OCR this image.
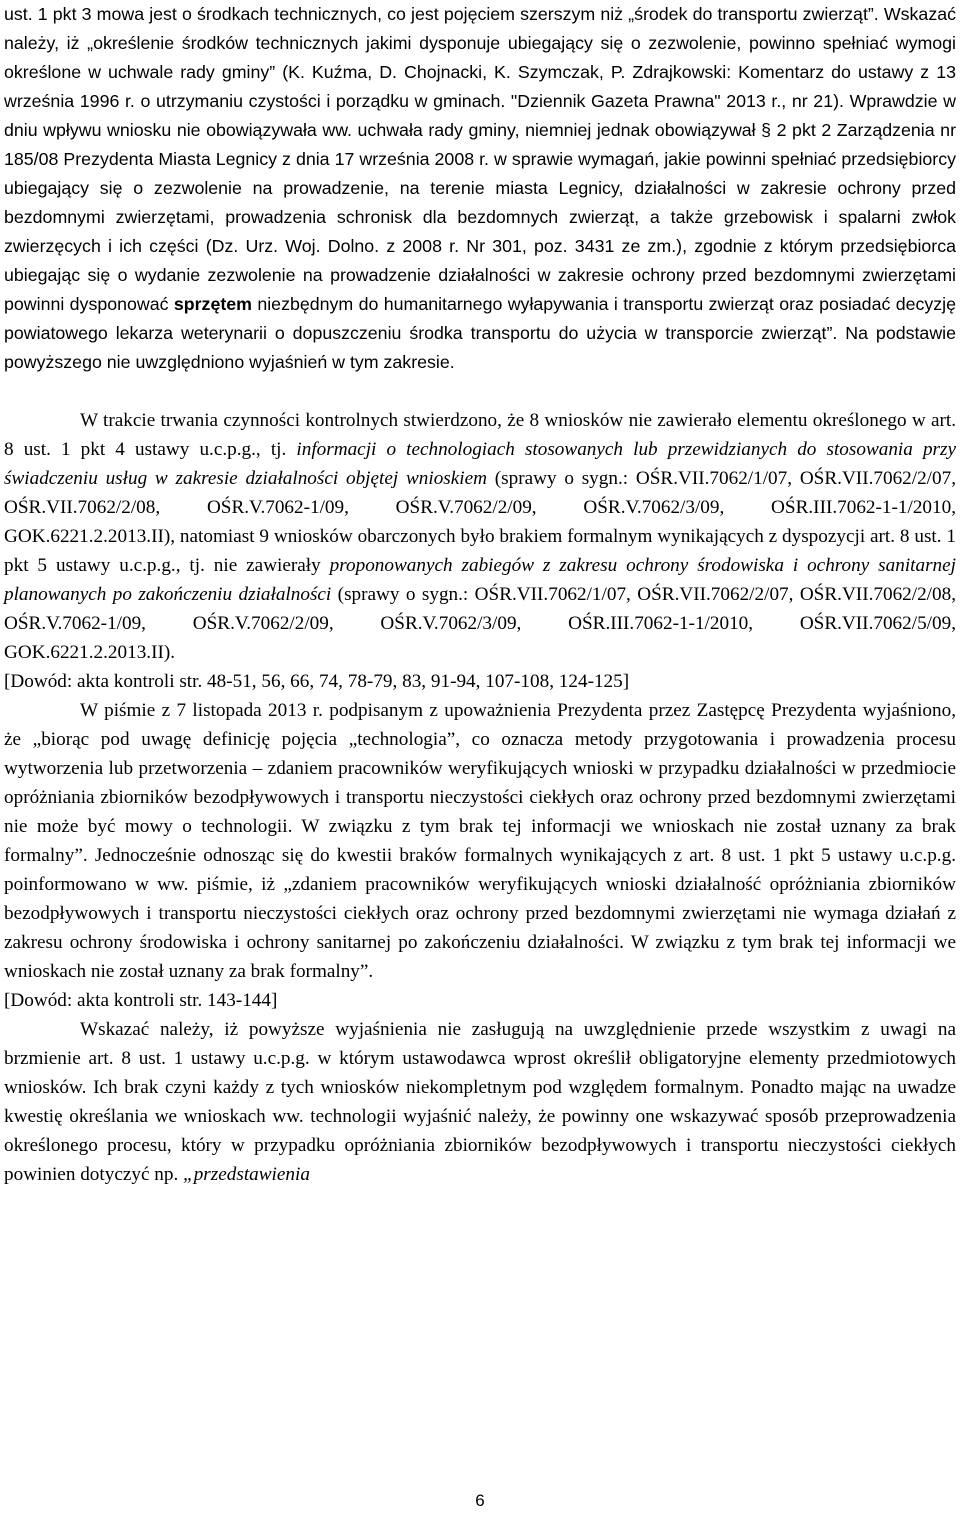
ust. 1 pkt 3 mowa jest o środkach technicznych, co jest pojęciem szerszym niż „środek do transportu zwierząt”. Wskazać należy, iż „określenie środków technicznych jakimi dysponuje ubiegający się o zezwolenie, powinno spełniać wymogi określone w uchwale rady gminy” (K. Kuźma, D. Chojnacki, K. Szymczak, P. Zdrajkowski: Komentarz do ustawy z 13 września 1996 r. o utrzymaniu czystości i porządku w gminach. "Dziennik Gazeta Prawna" 2013 r., nr 21). Wprawdzie w dniu wpływu wniosku nie obowiązywała ww. uchwała rady gminy, niemniej jednak obowiązywał § 2 pkt 2 Zarządzenia nr 185/08 Prezydenta Miasta Legnicy z dnia 17 września 2008 r. w sprawie wymagań, jakie powinni spełniać przedsiębiorcy ubiegający się o zezwolenie na prowadzenie, na terenie miasta Legnicy, działalności w zakresie ochrony przed bezdomnymi zwierzętami, prowadzenia schronisk dla bezdomnych zwierząt, a także grzebowisk i spalarni zwłok zwierzęcych i ich części (Dz. Urz. Woj. Dolno. z 2008 r. Nr 301, poz. 3431 ze zm.), zgodnie z którym przedsiębiorca ubiegając się o wydanie zezwolenie na prowadzenie działalności w zakresie ochrony przed bezdomnymi zwierzętami powinni dysponować sprzętem niezbędnym do humanitarnego wyłapywania i transportu zwierząt oraz posiadać decyzję powiatowego lekarza weterynarii o dopuszczeniu środka transportu do użycia w transporcie zwierząt”. Na podstawie powyższego nie uwzględniono wyjaśnień w tym zakresie.

W trakcie trwania czynności kontrolnych stwierdzono, że 8 wniosków nie zawierało elementu określonego w art. 8 ust. 1 pkt 4 ustawy u.c.p.g., tj. informacji o technologiach stosowanych lub przewidzianych do stosowania przy świadczeniu usług w zakresie działalności objętej wnioskiem (sprawy o sygn.: OŚR.VII.7062/1/07, OŚR.VII.7062/2/07, OŚR.VII.7062/2/08, OŚR.V.7062-1/09, OŚR.V.7062/2/09, OŚR.V.7062/3/09, OŚR.III.7062-1-1/2010, GOK.6221.2.2013.II), natomiast 9 wniosków obarczonych było brakiem formalnym wynikających z dyspozycji art. 8 ust. 1 pkt 5 ustawy u.c.p.g., tj. nie zawierały proponowanych zabiegów z zakresu ochrony środowiska i ochrony sanitarnej planowanych po zakończeniu działalności (sprawy o sygn.: OŚR.VII.7062/1/07, OŚR.VII.7062/2/07, OŚR.VII.7062/2/08, OŚR.V.7062-1/09, OŚR.V.7062/2/09, OŚR.V.7062/3/09, OŚR.III.7062-1-1/2010, OŚR.VII.7062/5/09, GOK.6221.2.2013.II).

[Dowód: akta kontroli str. 48-51, 56, 66, 74, 78-79, 83, 91-94, 107-108, 124-125]

W piśmie z 7 listopada 2013 r. podpisanym z upoważnienia Prezydenta przez Zastępcę Prezydenta wyjaśniono, że „biorąc pod uwagę definicję pojęcia „technologia”, co oznacza metody przygotowania i prowadzenia procesu wytworzenia lub przetworzenia – zdaniem pracowników weryfikujących wnioski w przypadku działalności w przedmiocie opróżniania zbiorników bezodpływowych i transportu nieczystości ciekłych oraz ochrony przed bezdomnymi zwierzętami nie może być mowy o technologii. W związku z tym brak tej informacji we wnioskach nie został uznany za brak formalny”. Jednocześnie odnosząc się do kwestii braków formalnych wynikających z art. 8 ust. 1 pkt 5 ustawy u.c.p.g. poinformowano w ww. piśmie, iż „zdaniem pracowników weryfikujących wnioski działalność opróżniania zbiorników bezodpływowych i transportu nieczystości ciekłych oraz ochrony przed bezdomnymi zwierzętami nie wymaga działań z zakresu ochrony środowiska i ochrony sanitarnej po zakończeniu działalności. W związku z tym brak tej informacji we wnioskach nie został uznany za brak formalny”.

[Dowód: akta kontroli str. 143-144]

Wskazać należy, iż powyższe wyjaśnienia nie zasługują na uwzględnienie przede wszystkim z uwagi na brzmienie art. 8 ust. 1 ustawy u.c.p.g. w którym ustawodawca wprost określił obligatoryjne elementy przedmiotowych wniosków. Ich brak czyni każdy z tych wniosków niekompletnym pod względem formalnym. Ponadto mając na uwadze kwestię określania we wnioskach ww. technologii wyjaśnić należy, że powinny one wskazywać sposób przeprowadzenia określonego procesu, który w przypadku opróżniania zbiorników bezodpływowych i transportu nieczystości ciekłych powinien dotyczyć np. „przedstawienia

6
